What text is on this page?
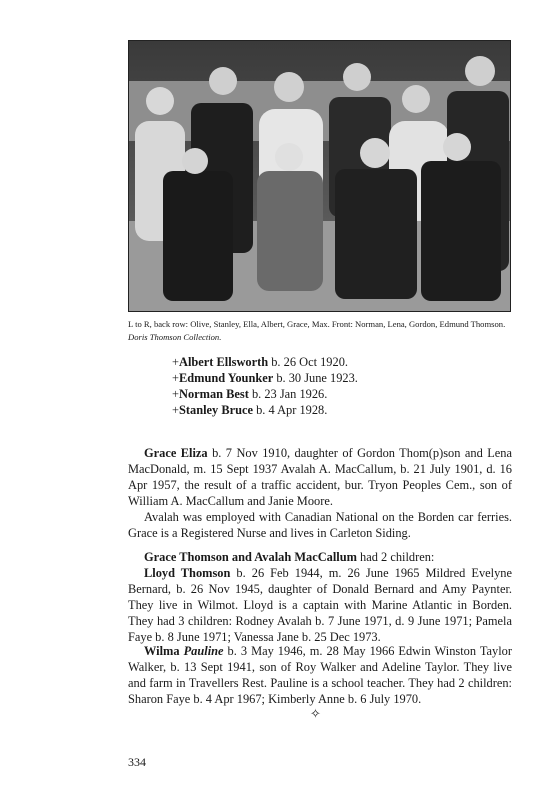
L to R, back row: Olive, Stanley, Ella, Albert, Grace, Max. Front: Norman, Lena, Gordon, Edmund Thomson. Doris Thomson Collection.
+Albert Ellsworth b. 26 Oct 1920.
+Edmund Younker b. 30 June 1923.
+Norman Best b. 23 Jan 1926.
+Stanley Bruce b. 4 Apr 1928.
Grace Eliza b. 7 Nov 1910, daughter of Gordon Thom(p)son and Lena MacDonald, m. 15 Sept 1937 Avalah A. MacCallum, b. 21 July 1901, d. 16 Apr 1957, the result of a traffic accident, bur. Tryon Peoples Cem., son of William A. MacCallum and Janie Moore.
Avalah was employed with Canadian National on the Borden car ferries. Grace is a Registered Nurse and lives in Carleton Siding.
Grace Thomson and Avalah MacCallum had 2 children:
Lloyd Thomson b. 26 Feb 1944, m. 26 June 1965 Mildred Evelyne Bernard, b. 26 Nov 1945, daughter of Donald Bernard and Amy Paynter. They live in Wilmot. Lloyd is a captain with Marine Atlantic in Borden. They had 3 children: Rodney Avalah b. 7 June 1971, d. 9 June 1971; Pamela Faye b. 8 June 1971; Vanessa Jane b. 25 Dec 1973.
Wilma Pauline b. 3 May 1946, m. 28 May 1966 Edwin Winston Taylor Walker, b. 13 Sept 1941, son of Roy Walker and Adeline Taylor. They live and farm in Travellers Rest. Pauline is a school teacher. They had 2 children: Sharon Faye b. 4 Apr 1967; Kimberly Anne b. 6 July 1970.
✧
334
